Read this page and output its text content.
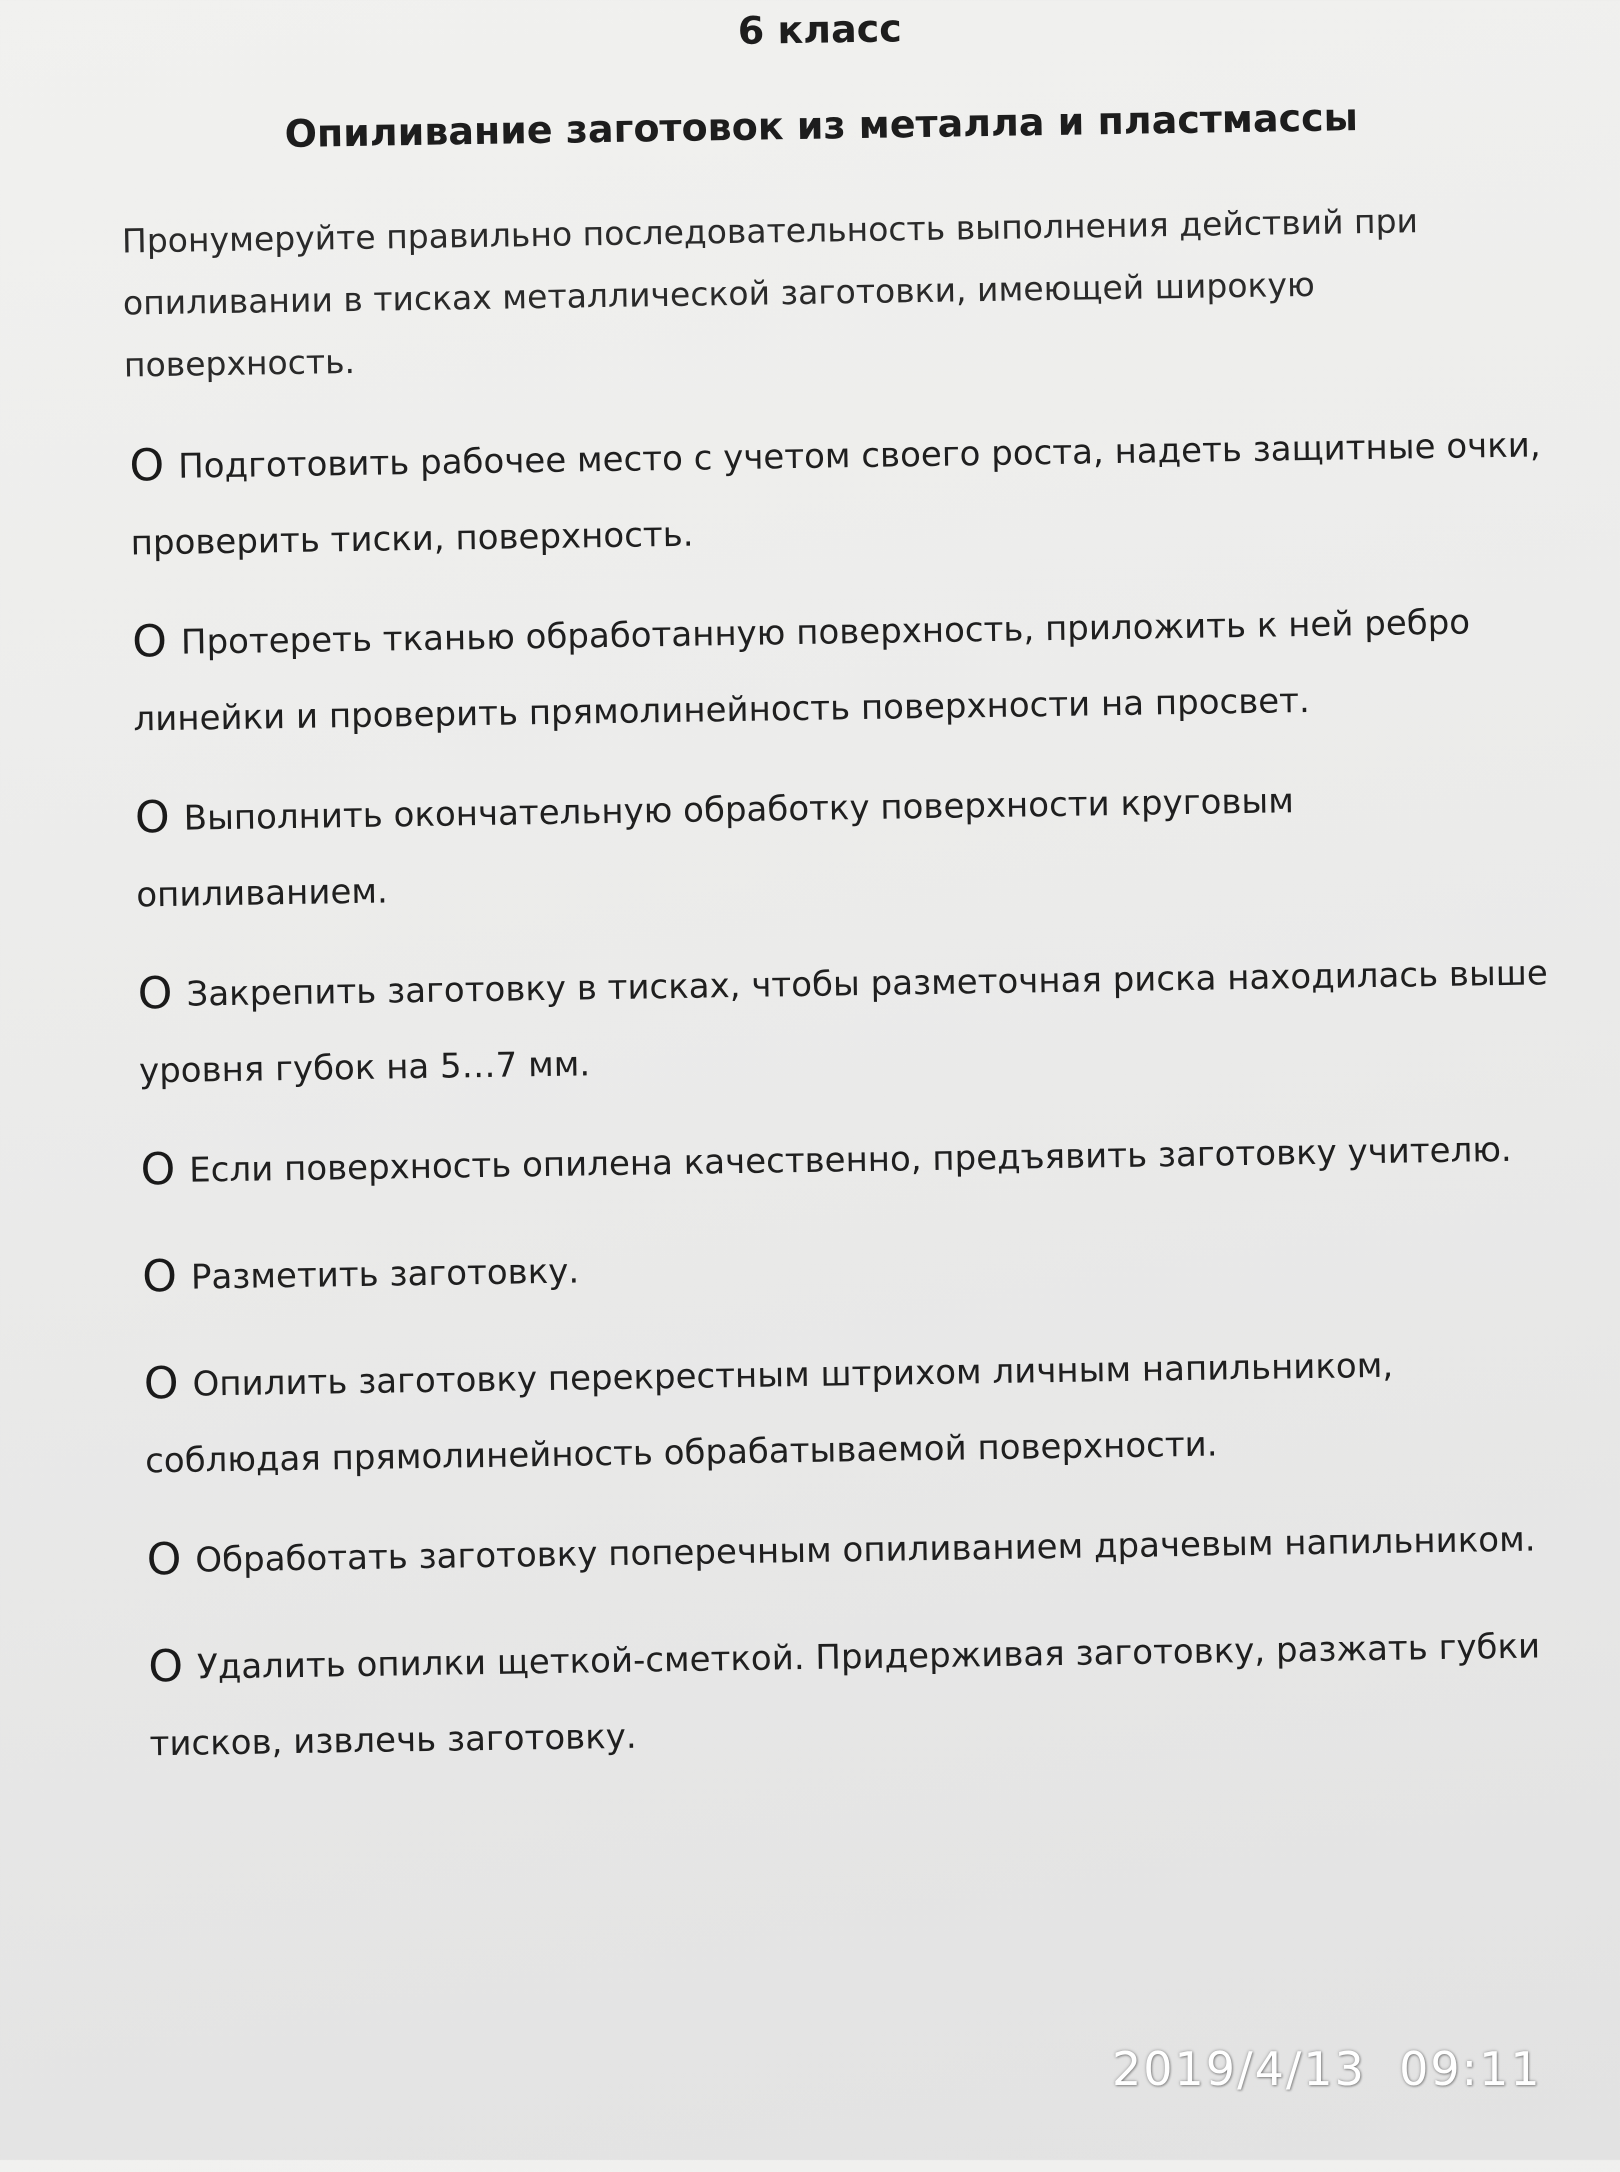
6 класс
Опиливание заготовок из металла и пластмассы

Пронумеруйте правильно последовательность выполнения действий при опиливании в тисках металлической заготовки, имеющей широкую поверхность.

O Подготовить рабочее место с учетом своего роста, надеть защитные очки, проверить тиски, поверхность.
O Протереть тканью обработанную поверхность, приложить к ней ребро линейки и проверить прямолинейность поверхности на просвет.
O Выполнить окончательную обработку поверхности круговым опиливанием.
O Закрепить заготовку в тисках, чтобы разметочная риска находилась выше уровня губок на 5…7 мм.
O Если поверхность опилена качественно, предъявить заготовку учителю.
O Разметить заготовку.
O Опилить заготовку перекрестным штрихом личным напильником, соблюдая прямолинейность обрабатываемой поверхности.
O Обработать заготовку поперечным опиливанием драчевым напильником.
O Удалить опилки щеткой-сметкой. Придерживая заготовку, разжать губки тисков, извлечь заготовку.
2019/4/13  09:11
